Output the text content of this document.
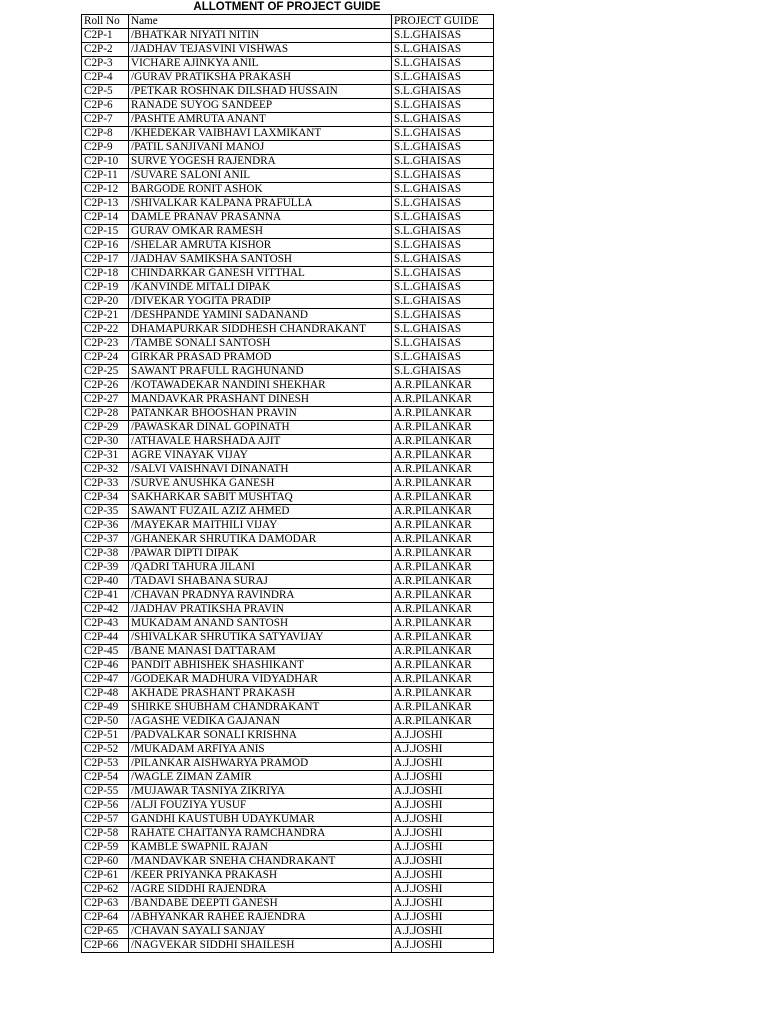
ALLOTMENT OF PROJECT GUIDE
Roll No	Name	PROJECT GUIDE
C2P-1	/BHATKAR NIYATI NITIN	S.L.GHAISAS
C2P-2	/JADHAV TEJASVINI VISHWAS	S.L.GHAISAS
C2P-3	VICHARE AJINKYA ANIL	S.L.GHAISAS
C2P-4	/GURAV PRATIKSHA PRAKASH	S.L.GHAISAS
C2P-5	/PETKAR ROSHNAK DILSHAD HUSSAIN	S.L.GHAISAS
C2P-6	RANADE SUYOG SANDEEP	S.L.GHAISAS
C2P-7	/PASHTE AMRUTA ANANT	S.L.GHAISAS
C2P-8	/KHEDEKAR VAIBHAVI LAXMIKANT	S.L.GHAISAS
C2P-9	/PATIL SANJIVANI MANOJ	S.L.GHAISAS
C2P-10	SURVE YOGESH RAJENDRA	S.L.GHAISAS
C2P-11	/SUVARE SALONI ANIL	S.L.GHAISAS
C2P-12	BARGODE RONIT ASHOK	S.L.GHAISAS
C2P-13	/SHIVALKAR KALPANA PRAFULLA	S.L.GHAISAS
C2P-14	DAMLE PRANAV PRASANNA	S.L.GHAISAS
C2P-15	GURAV OMKAR RAMESH	S.L.GHAISAS
C2P-16	/SHELAR AMRUTA KISHOR	S.L.GHAISAS
C2P-17	/JADHAV SAMIKSHA SANTOSH	S.L.GHAISAS
C2P-18	CHINDARKAR GANESH VITTHAL	S.L.GHAISAS
C2P-19	/KANVINDE MITALI DIPAK	S.L.GHAISAS
C2P-20	/DIVEKAR YOGITA PRADIP	S.L.GHAISAS
C2P-21	/DESHPANDE YAMINI SADANAND	S.L.GHAISAS
C2P-22	DHAMAPURKAR SIDDHESH CHANDRAKANT	S.L.GHAISAS
C2P-23	/TAMBE SONALI SANTOSH	S.L.GHAISAS
C2P-24	GIRKAR PRASAD PRAMOD	S.L.GHAISAS
C2P-25	SAWANT PRAFULL RAGHUNAND	S.L.GHAISAS
C2P-26	/KOTAWADEKAR NANDINI SHEKHAR	A.R.PILANKAR
C2P-27	MANDAVKAR PRASHANT DINESH	A.R.PILANKAR
C2P-28	PATANKAR BHOOSHAN PRAVIN	A.R.PILANKAR
C2P-29	/PAWASKAR DINAL GOPINATH	A.R.PILANKAR
C2P-30	/ATHAVALE HARSHADA AJIT	A.R.PILANKAR
C2P-31	AGRE VINAYAK VIJAY	A.R.PILANKAR
C2P-32	/SALVI VAISHNAVI DINANATH	A.R.PILANKAR
C2P-33	/SURVE ANUSHKA GANESH	A.R.PILANKAR
C2P-34	SAKHARKAR SABIT MUSHTAQ	A.R.PILANKAR
C2P-35	SAWANT FUZAIL AZIZ AHMED	A.R.PILANKAR
C2P-36	/MAYEKAR MAITHILI VIJAY	A.R.PILANKAR
C2P-37	/GHANEKAR SHRUTIKA DAMODAR	A.R.PILANKAR
C2P-38	/PAWAR DIPTI DIPAK	A.R.PILANKAR
C2P-39	/QADRI TAHURA JILANI	A.R.PILANKAR
C2P-40	/TADAVI SHABANA SURAJ	A.R.PILANKAR
C2P-41	/CHAVAN PRADNYA RAVINDRA	A.R.PILANKAR
C2P-42	/JADHAV PRATIKSHA PRAVIN	A.R.PILANKAR
C2P-43	MUKADAM ANAND SANTOSH	A.R.PILANKAR
C2P-44	/SHIVALKAR SHRUTIKA SATYAVIJAY	A.R.PILANKAR
C2P-45	/BANE MANASI DATTARAM	A.R.PILANKAR
C2P-46	PANDIT ABHISHEK SHASHIKANT	A.R.PILANKAR
C2P-47	/GODEKAR MADHURA VIDYADHAR	A.R.PILANKAR
C2P-48	AKHADE PRASHANT PRAKASH	A.R.PILANKAR
C2P-49	SHIRKE SHUBHAM CHANDRAKANT	A.R.PILANKAR
C2P-50	/AGASHE VEDIKA GAJANAN	A.R.PILANKAR
C2P-51	/PADVALKAR SONALI KRISHNA	A.J.JOSHI
C2P-52	/MUKADAM ARFIYA ANIS	A.J.JOSHI
C2P-53	/PILANKAR AISHWARYA PRAMOD	A.J.JOSHI
C2P-54	/WAGLE ZIMAN ZAMIR	A.J.JOSHI
C2P-55	/MUJAWAR TASNIYA ZIKRIYA	A.J.JOSHI
C2P-56	/ALJI FOUZIYA YUSUF	A.J.JOSHI
C2P-57	GANDHI KAUSTUBH UDAYKUMAR	A.J.JOSHI
C2P-58	RAHATE CHAITANYA RAMCHANDRA	A.J.JOSHI
C2P-59	KAMBLE SWAPNIL RAJAN	A.J.JOSHI
C2P-60	/MANDAVKAR SNEHA CHANDRAKANT	A.J.JOSHI
C2P-61	/KEER PRIYANKA PRAKASH	A.J.JOSHI
C2P-62	/AGRE SIDDHI RAJENDRA	A.J.JOSHI
C2P-63	/BANDABE DEEPTI GANESH	A.J.JOSHI
C2P-64	/ABHYANKAR RAHEE RAJENDRA	A.J.JOSHI
C2P-65	/CHAVAN SAYALI SANJAY	A.J.JOSHI
C2P-66	/NAGVEKAR SIDDHI SHAILESH	A.J.JOSHI
